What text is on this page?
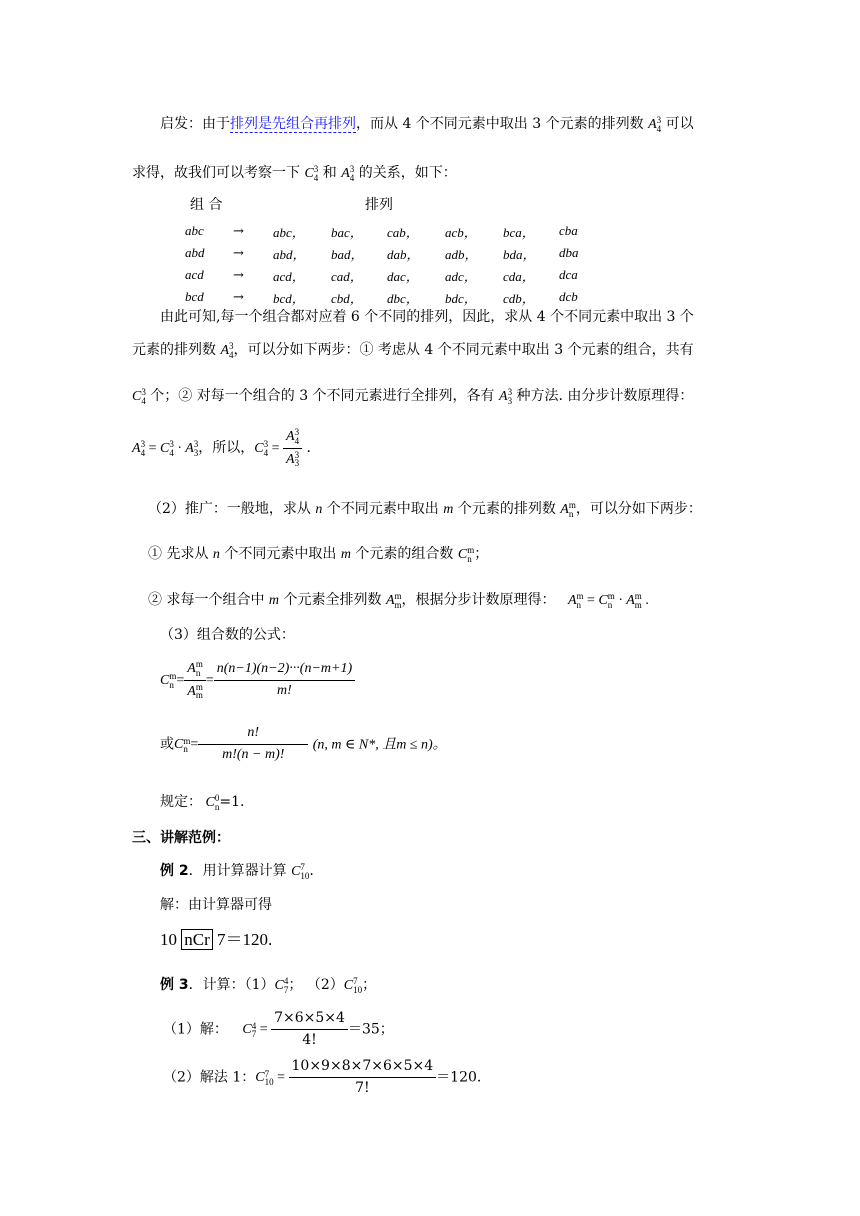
启发：由于排列是先组合再排列，而从 4 个不同元素中取出 3 个元素的排列数 A 3
4 可以
求得，故我们可以考察一下 C 3
4 和 A 3
4 的关系，如下：
组 合	排列
abc	→	abc，	bac，	cab，	acb，	bca，	cba
abd	→	abd，	bad，	dab，	adb，	bda，	dba
acd	→	acd，	cad，	dac，	adc，	cda，	dca
bcd	→	bcd，	cbd，	dbc，	bdc，	cdb，	dcb
由此可知,每一个组合都对应着 6 个不同的排列，因此，求从 4 个不同元素中取出 3 个
元素的排列数 A 3
4 ，可以分如下两步：① 考虑从 4 个不同元素中取出 3 个元素的组合，共有
C 3
4 个；② 对每一个组合的 3 个不同元素进行全排列，各有 A 3
3 种方法. 由分步计数原理得：
A 3
4 = C 3
4 · A 3
3 ，所以，C 3
4 = A 3
4
A 3
3 .
（2）推广：一般地，求从 n 个不同元素中取出 m 个元素的排列数 A m
n ，可以分如下两步：
① 先求从 n 个不同元素中取出 m 个元素的组合数 C m
n ；
② 求每一个组合中 m 个元素全排列数 A m
m ，根据分步计数原理得： A m
n = C m
n · A m
m .
（3）组合数的公式：
C m
n = A m
n
A m
$m = \frac{n(n-1)(n-2)\cdot\cdot\cdot(n-m+1)}{m!}$
或C m
$n = \frac{n!}{m!(n - m)!} (n$, m ∈ N*, 且m ≤ n)。
规定： C 0
n =1.
三、讲解范例：
例 2．用计算器计算 C 7
10 .
解：由计算器可得
10 nCr 7＝120.
例 3．计算：（1）C 4
7 ； （2）C 7
10 ；
（1）解： C 4
$7 = \frac{7\times 6\times 5\times 4}{4!} =35$；
（2）解法 1：C 7
$10 = \frac{10\times 9\times 8\times 7\times 6\times 5\times 4}{7!} =120$.
